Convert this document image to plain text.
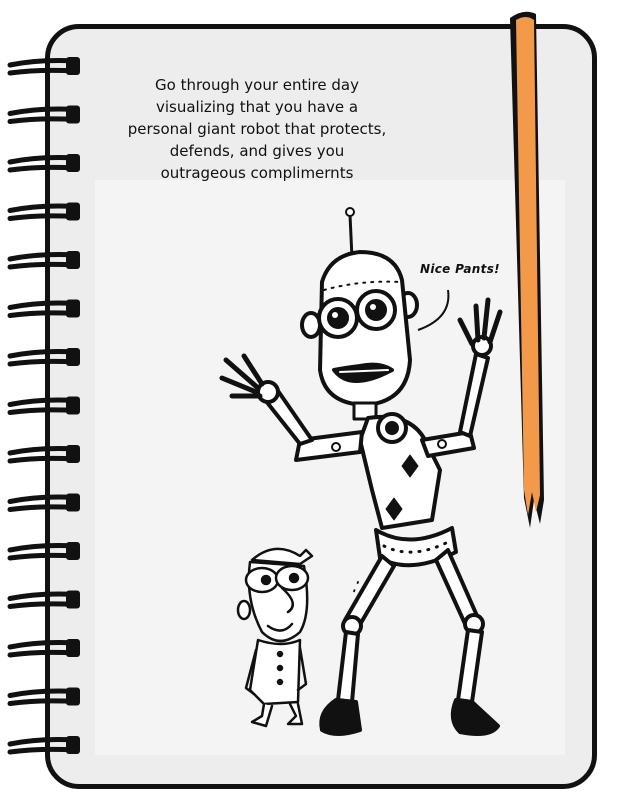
Go through your entire day
visualizing that you have a
personal giant robot that protects,
defends, and gives you
outrageous complimernts
Nice Pants!
